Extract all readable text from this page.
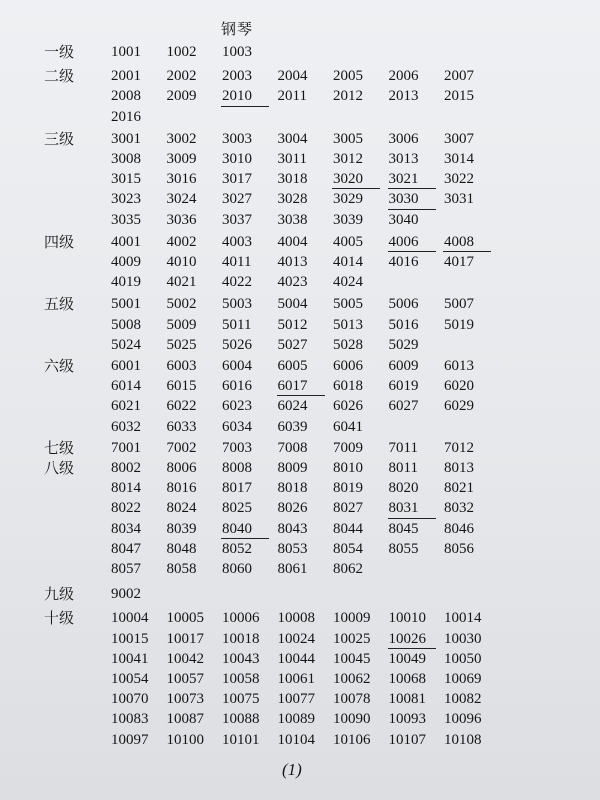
钢琴
一级	1001	1002	1003
二级	2001	2002	2003	2004	2005	2006	2007
2008	2009	2010	2011	2012	2013	2015
2016
三级	3001	3002	3003	3004	3005	3006	3007
3008	3009	3010	3011	3012	3013	3014
3015	3016	3017	3018	3020	3021	3022
3023	3024	3027	3028	3029	3030	3031
3035	3036	3037	3038	3039	3040
四级	4001	4002	4003	4004	4005	4006	4008
4009	4010	4011	4013	4014	4016	4017
4019	4021	4022	4023	4024
五级	5001	5002	5003	5004	5005	5006	5007
5008	5009	5011	5012	5013	5016	5019
5024	5025	5026	5027	5028	5029
六级	6001	6003	6004	6005	6006	6009	6013
6014	6015	6016	6017	6018	6019	6020
6021	6022	6023	6024	6026	6027	6029
6032	6033	6034	6039	6041
七级	7001	7002	7003	7008	7009	7011	7012
八级	8002	8006	8008	8009	8010	8011	8013
8014	8016	8017	8018	8019	8020	8021
8022	8024	8025	8026	8027	8031	8032
8034	8039	8040	8043	8044	8045	8046
8047	8048	8052	8053	8054	8055	8056
8057	8058	8060	8061	8062
九级	9002
十级	10004	10005	10006	10008	10009	10010	10014
10015	10017	10018	10024	10025	10026	10030
10041	10042	10043	10044	10045	10049	10050
10054	10057	10058	10061	10062	10068	10069
10070	10073	10075	10077	10078	10081	10082
10083	10087	10088	10089	10090	10093	10096
10097	10100	10101	10104	10106	10107	10108
(1)
